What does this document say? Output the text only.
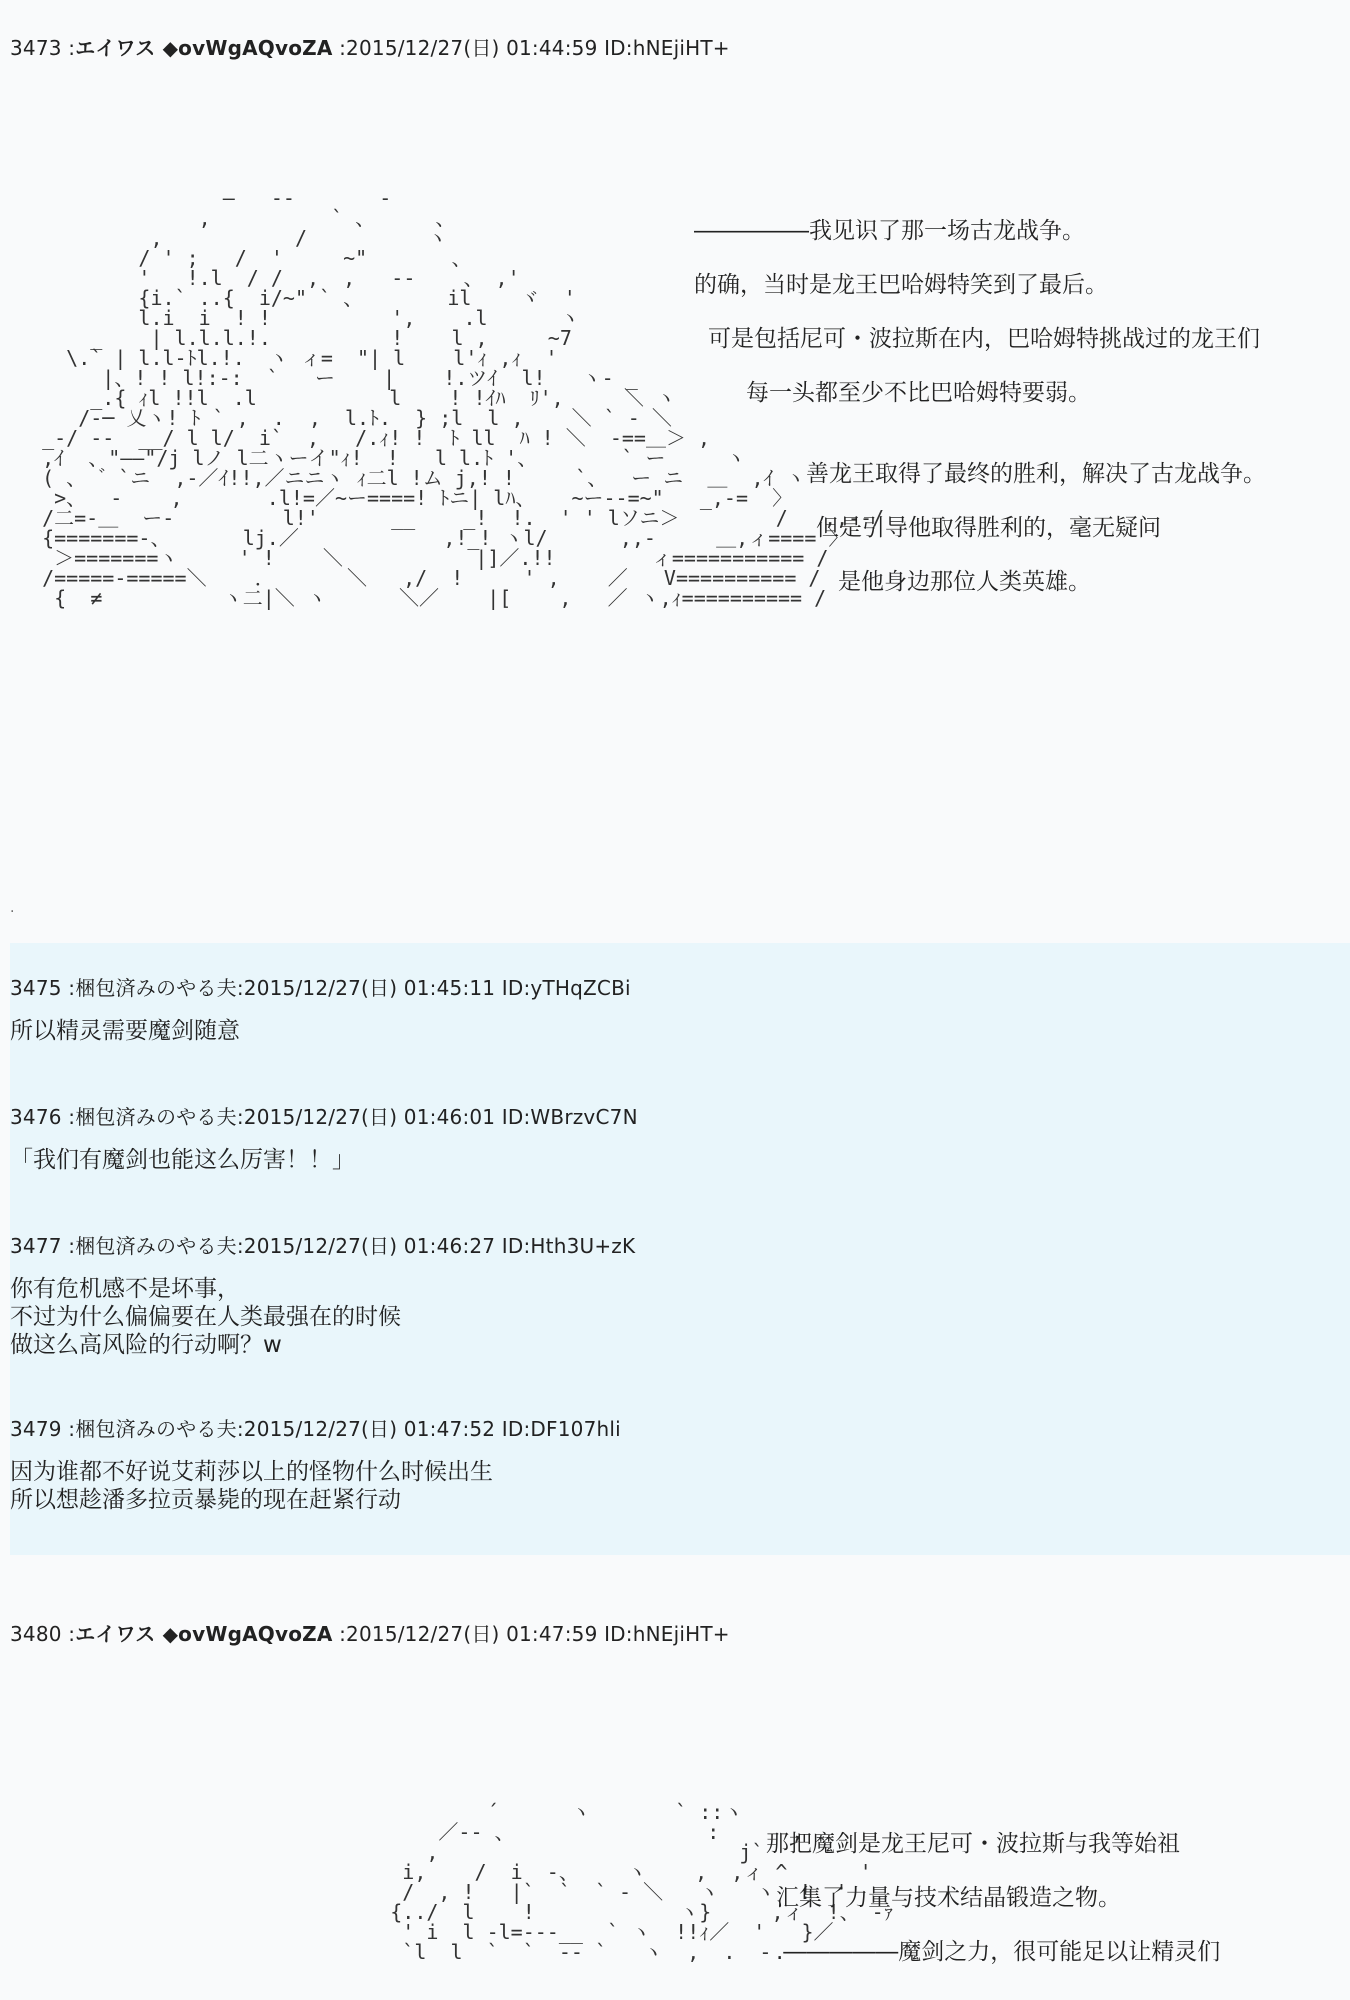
3473 :エイワス ◆ovWgAQvoZA :2015/12/27(日) 01:44:59 ID:hNEjiHT+
―   ‐-       -
,          ` 、     、
,           /          ヽ
/ ' ;   /  '     ~"       、
'   !.l  / /  ,  ,   ‐-    、 ,'
{i.` ..{  i/~" ` 、       il    ヾ  '
l.i  i  ! !          ',    .l      ヽ
_    | l.l.l.!.          !    l ,     ~7
\.` | l.l-ﾄl.!.  ヽ ィ=  "| l    l'ｨ ,ｨ  '
|、! ! l!:-:  `   ー    |    !.ツｲ  l!   ヽ- _
_.{ ｨl !!l  .l           l    ! !ｲﾊ  ﾘ',     ＼ ヽ
/‐─ 乂ヽ! ﾄ ` ,  .  ,  l.ﾄ.  } ;l  l ,    ＼ ` ‐ ＼
_-/ ‐-  __/ l l/  i`  ,   /.ｨ! !  ﾄ ll  ﾊ ! ＼  -==＿＞ ,
,ｲ  、"――"/j lノ l二ヽーイ"ｨ!  !   l l.ﾄ '、       ` ー     ヽ
( 、 ゛`ニ  ,-／ｲ!!,／ニニヽ ｨ二l !ム j,! !     `、  ー ニ  ＿  ,ｲ ヽ
>、  -    ,       .l!=／~ー====! ﾄニ| lﾊ、   ~ー--=~"   _,-=  〉
/二=-＿  ー-         l!'      __    _!  !.  ' ' lソニ＞        /   ,,--/
{=======-、      lj.／            ,!_! ヽl/      ,,-     ＿,ィ==== 〉
＞=======ヽ     ' !    ＼           |]／.!!        ィ=========== /
/=====-=====＼    ．      ＼   ,/  !     ' ,    ／   V========== /
{  ≠          ヽ二|＼ ヽ      ＼／    |[    ,   ／ ヽ,ｨ========== /
―――――我见识了那一场古龙战争。
的确，当时是龙王巴哈姆特笑到了最后。
可是包括尼可・波拉斯在内，巴哈姆特挑战过的龙王们
每一头都至少不比巴哈姆特要弱。
善龙王取得了最终的胜利，解决了古龙战争。
但是引导他取得胜利的，毫无疑问
是他身边那位人类英雄。
.
3475 :梱包済みのやる夫:2015/12/27(日) 01:45:11 ID:yTHqZCBi

所以精灵需要魔剑随意

3476 :梱包済みのやる夫:2015/12/27(日) 01:46:01 ID:WBrzvC7N

「我们有魔剑也能这么厉害！！」

3477 :梱包済みのやる夫:2015/12/27(日) 01:46:27 ID:Hth3U+zK

你有危机感不是坏事，

不过为什么偏偏要在人类最强在的时候

做这么高风险的行动啊？w

3479 :梱包済みのやる夫:2015/12/27(日) 01:47:52 ID:DF107hli

因为谁都不好说艾莉莎以上的怪物什么时候出生

所以想趁潘多拉贡暴毙的现在赶紧行动

3480 :エイワス ◆ovWgAQvoZA :2015/12/27(日) 01:47:59 ID:hNEjiHT+
´      ヽ       ` ::ヽ
／-- 、                :      ,
,                         j`
i,    /  i  -、    ヽ    ,  ,ィ ^      '
/  , !   |`  `  ` ‐ ＼   ヽ   ヽ  !  '
{../  l    !            ヽ}     ,ィ  !、 ‐ｧ
' i  l -l=-‐-__  ` ヽ  !!ｨ／  '   }／
`l  l  `  `  ‐‐ `   ヽ  ,  .  ‐
那把魔剑是龙王尼可・波拉斯与我等始祖
汇集了力量与技术结晶锻造之物。
.―――――魔剑之力，很可能足以让精灵们
